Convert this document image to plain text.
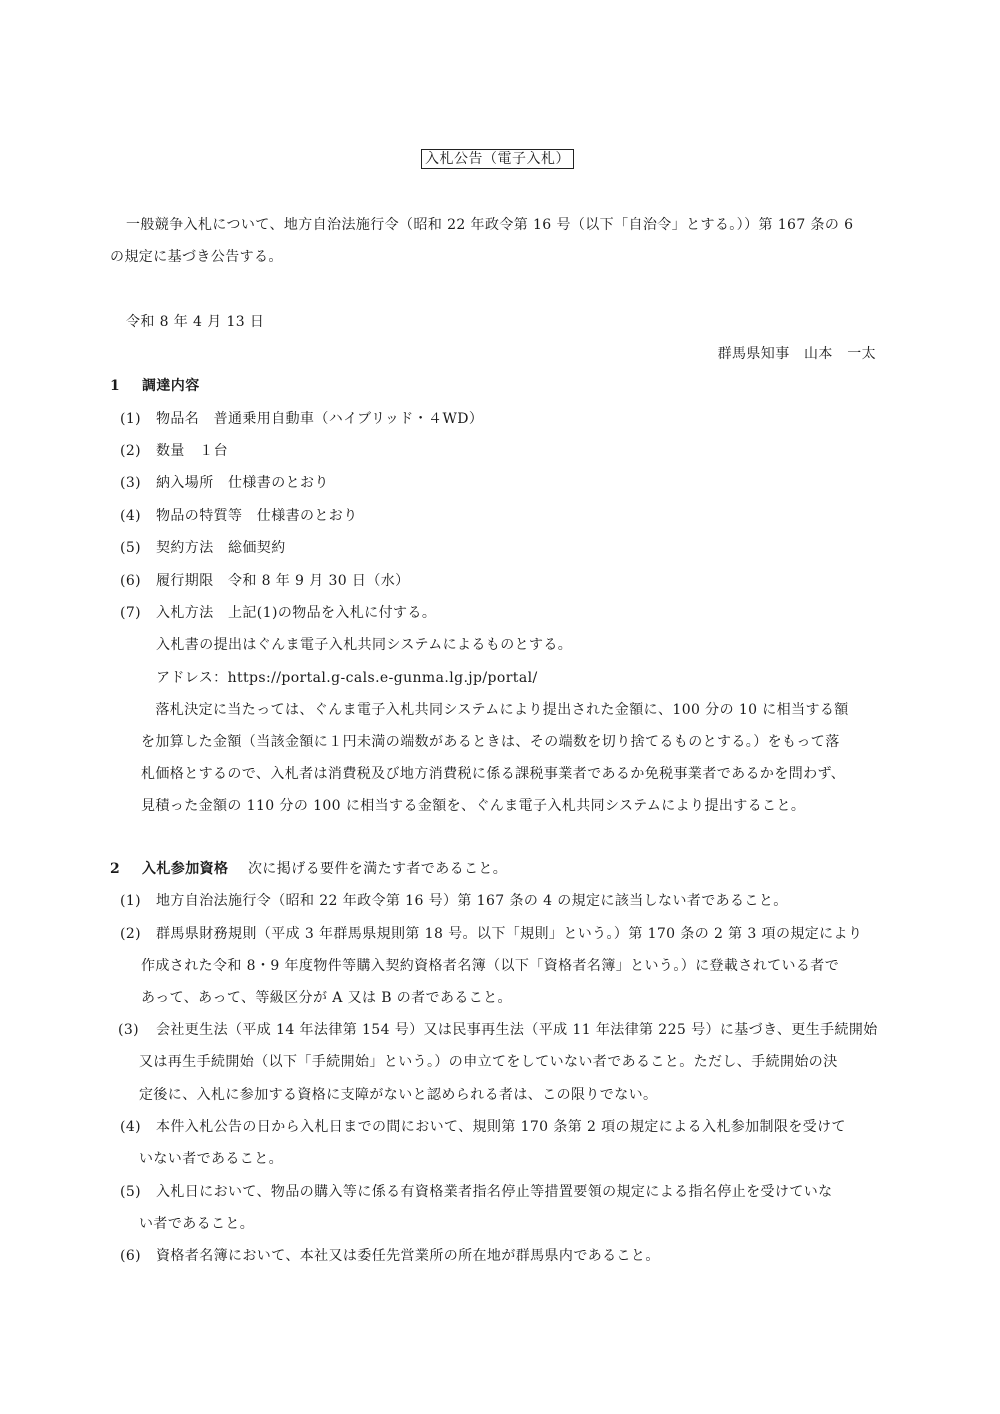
入札公告（電子入札）
一般競争入札について、地方自治法施行令（昭和 22 年政令第 16 号（以下「自治令」とする。））第 167 条の 6
の規定に基づき公告する。
令和 8 年 4 月 13 日
群馬県知事　山本　一太
1 調達内容
(1) 物品名　普通乗用自動車（ハイブリッド・４WD）
(2) 数量　１台
(3) 納入場所　仕様書のとおり
(4) 物品の特質等　仕様書のとおり
(5) 契約方法　総価契約
(6) 履行期限　令和 8 年 9 月 30 日（水）
(7) 入札方法　上記(1)の物品を入札に付する。
入札書の提出はぐんま電子入札共同システムによるものとする。
アドレス：https://portal.g-cals.e-gunma.lg.jp/portal/
　落札決定に当たっては、ぐんま電子入札共同システムにより提出された金額に、100 分の 10 に相当する額
を加算した金額（当該金額に１円未満の端数があるときは、その端数を切り捨てるものとする。）をもって落
札価格とするので、入札者は消費税及び地方消費税に係る課税事業者であるか免税事業者であるかを問わず、
見積った金額の 110 分の 100 に相当する金額を、ぐんま電子入札共同システムにより提出すること。
2 入札参加資格 次に掲げる要件を満たす者であること。
(1) 地方自治法施行令（昭和 22 年政令第 16 号）第 167 条の 4 の規定に該当しない者であること。
(2) 群馬県財務規則（平成 3 年群馬県規則第 18 号。以下「規則」という。）第 170 条の 2 第 3 項の規定により
作成された令和 8・9 年度物件等購入契約資格者名簿（以下「資格者名簿」という。）に登載されている者で
あって、あって、等級区分が A 又は B の者であること。
(3) 会社更生法（平成 14 年法律第 154 号）又は民事再生法（平成 11 年法律第 225 号）に基づき、更生手続開始
又は再生手続開始（以下「手続開始」という。）の申立てをしていない者であること。ただし、手続開始の決
定後に、入札に参加する資格に支障がないと認められる者は、この限りでない。
(4) 本件入札公告の日から入札日までの間において、規則第 170 条第 2 項の規定による入札参加制限を受けて
いない者であること。
(5) 入札日において、物品の購入等に係る有資格業者指名停止等措置要領の規定による指名停止を受けていな
い者であること。
(6) 資格者名簿において、本社又は委任先営業所の所在地が群馬県内であること。
